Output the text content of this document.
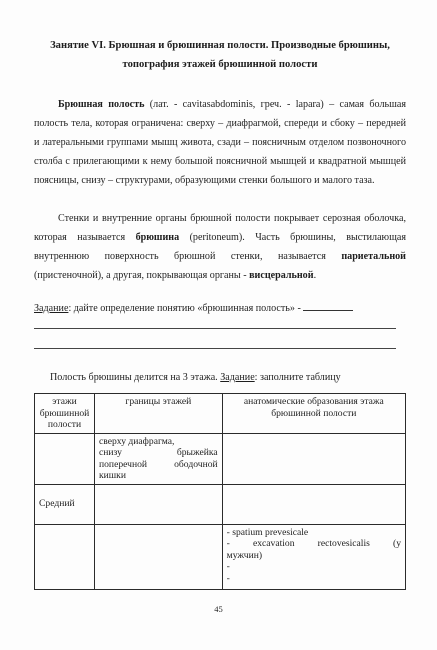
Занятие VI. Брюшная и брюшинная полости. Производные брюшины,
топография этажей брюшинной полости
Брюшная полость (лат. - cavitasabdominis, греч. - lapara) – самая большая полость тела, которая ограничена: сверху – диафрагмой, спереди и сбоку – передней и латеральными группами мышц живота, сзади – поясничным отделом позвоночного столба с прилегающими к нему большой поясничной мышцей и квадратной мышцей поясницы, снизу – структурами, образующими стенки большого и малого таза.
Стенки и внутренние органы брюшной полости покрывает серозная оболочка, которая называется брюшина (peritoneum). Часть брюшины, выстилающая внутреннюю поверхность брюшной стенки, называется париетальной (пристеночной), а другая, покрывающая органы - висцеральной.
Задание: дайте определение понятию «брюшинная полость» -
Полость брюшины делится на 3 этажа. Задание: заполните таблицу
этажи брюшинной полости	границы этажей	анатомические образования этажа брюшинной полости

	сверху диафрагма,
снизу брыжейка
поперечной ободочной
кишки	

Средний		

		- spatium prevesicale
- excavation rectovesicalis (у
мужчин)
-
-
45
